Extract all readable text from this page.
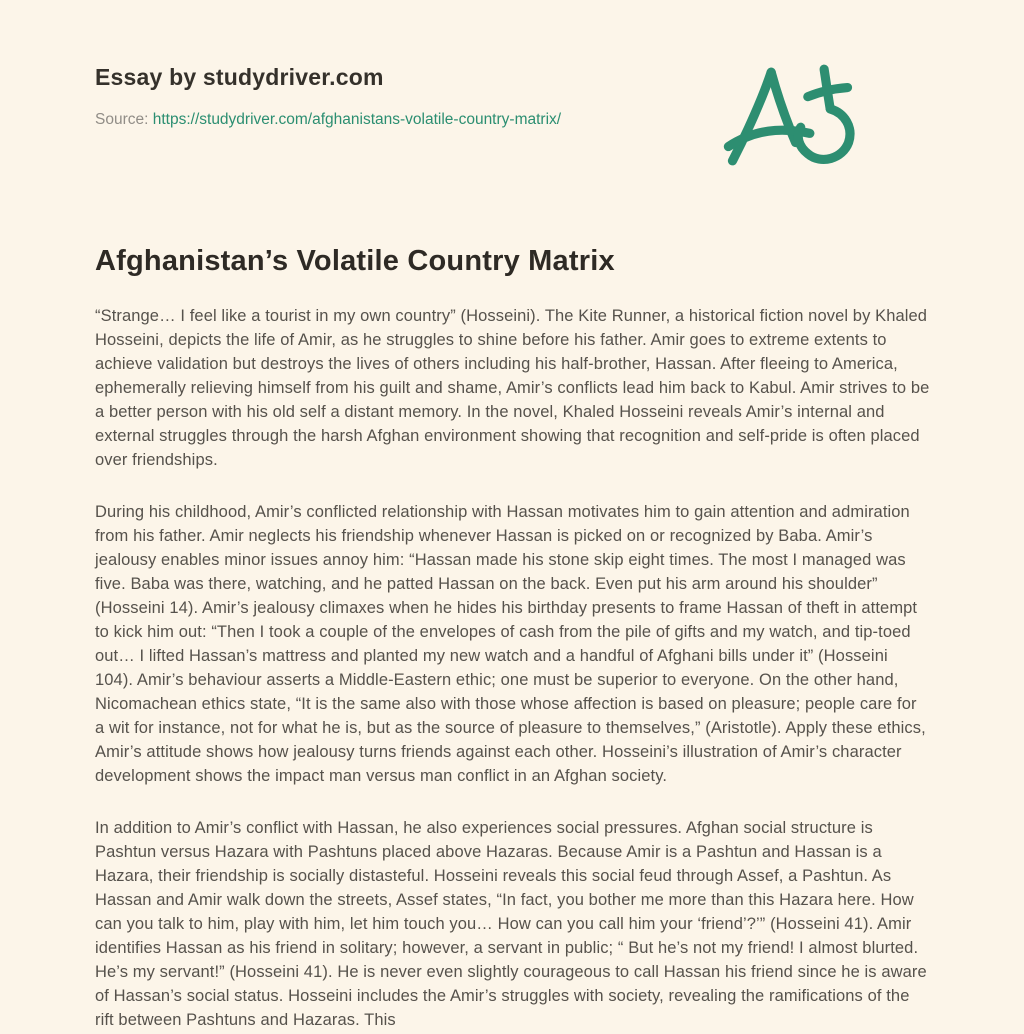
Essay by studydriver.com
Source: https://studydriver.com/afghanistans-volatile-country-matrix/
Afghanistan’s Volatile Country Matrix

“Strange… I feel like a tourist in my own country” (Hosseini). The Kite Runner, a historical fiction novel by Khaled Hosseini, depicts the life of Amir, as he struggles to shine before his father. Amir goes to extreme extents to achieve validation but destroys the lives of others including his half-brother, Hassan. After fleeing to America, ephemerally relieving himself from his guilt and shame, Amir’s conflicts lead him back to Kabul. Amir strives to be a better person with his old self a distant memory. In the novel, Khaled Hosseini reveals Amir’s internal and external struggles through the harsh Afghan environment showing that recognition and self-pride is often placed over friendships.

During his childhood, Amir’s conflicted relationship with Hassan motivates him to gain attention and admiration from his father. Amir neglects his friendship whenever Hassan is picked on or recognized by Baba. Amir’s jealousy enables minor issues annoy him: “Hassan made his stone skip eight times. The most I managed was five. Baba was there, watching, and he patted Hassan on the back. Even put his arm around his shoulder” (Hosseini 14). Amir’s jealousy climaxes when he hides his birthday presents to frame Hassan of theft in attempt to kick him out: “Then I took a couple of the envelopes of cash from the pile of gifts and my watch, and tip-toed out… I lifted Hassan’s mattress and planted my new watch and a handful of Afghani bills under it” (Hosseini 104). Amir’s behaviour asserts a Middle-Eastern ethic; one must be superior to everyone. On the other hand, Nicomachean ethics state, “It is the same also with those whose affection is based on pleasure; people care for a wit for instance, not for what he is, but as the source of pleasure to themselves,” (Aristotle). Apply these ethics, Amir’s attitude shows how jealousy turns friends against each other. Hosseini’s illustration of Amir’s character development shows the impact man versus man conflict in an Afghan society.

In addition to Amir’s conflict with Hassan, he also experiences social pressures. Afghan social structure is Pashtun versus Hazara with Pashtuns placed above Hazaras. Because Amir is a Pashtun and Hassan is a Hazara, their friendship is socially distasteful. Hosseini reveals this social feud through Assef, a Pashtun. As Hassan and Amir walk down the streets, Assef states, “In fact, you bother me more than this Hazara here. How can you talk to him, play with him, let him touch you… How can you call him your ‘friend’?’” (Hosseini 41). Amir identifies Hassan as his friend in solitary; however, a servant in public; “ But he’s not my friend! I almost blurted. He’s my servant!” (Hosseini 41). He is never even slightly courageous to call Hassan his friend since he is aware of Hassan’s social status. Hosseini includes the Amir’s struggles with society, revealing the ramifications of the rift between Pashtuns and Hazaras. This
